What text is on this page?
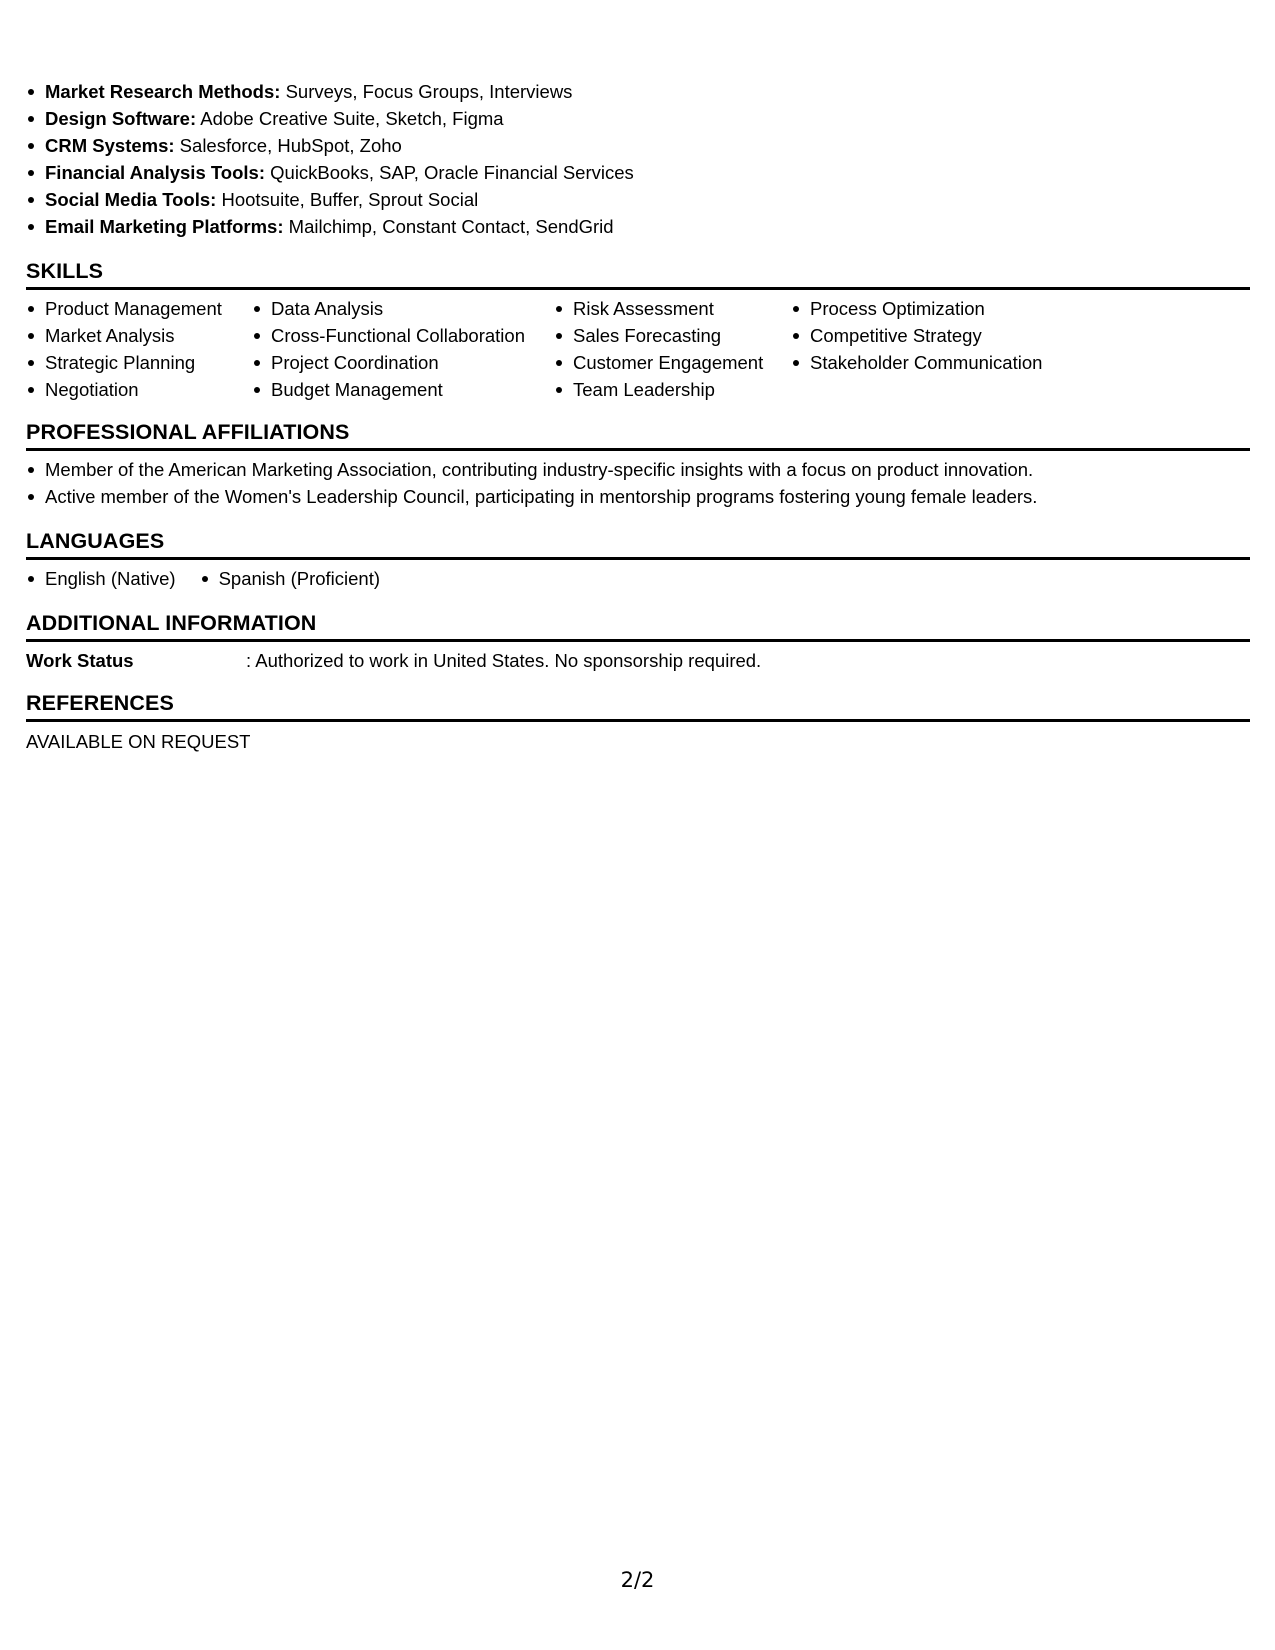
Market Research Methods: Surveys, Focus Groups, Interviews
Design Software: Adobe Creative Suite, Sketch, Figma
CRM Systems: Salesforce, HubSpot, Zoho
Financial Analysis Tools: QuickBooks, SAP, Oracle Financial Services
Social Media Tools: Hootsuite, Buffer, Sprout Social
Email Marketing Platforms: Mailchimp, Constant Contact, SendGrid
SKILLS
Product Management
Market Analysis
Strategic Planning
Negotiation
Data Analysis
Cross-Functional Collaboration
Project Coordination
Budget Management
Risk Assessment
Sales Forecasting
Customer Engagement
Team Leadership
Process Optimization
Competitive Strategy
Stakeholder Communication
PROFESSIONAL AFFILIATIONS
Member of the American Marketing Association, contributing industry-specific insights with a focus on product innovation.
Active member of the Women's Leadership Council, participating in mentorship programs fostering young female leaders.
LANGUAGES
English (Native)	Spanish (Proficient)
ADDITIONAL INFORMATION
Work Status	: Authorized to work in United States. No sponsorship required.
REFERENCES
AVAILABLE ON REQUEST
2/2
